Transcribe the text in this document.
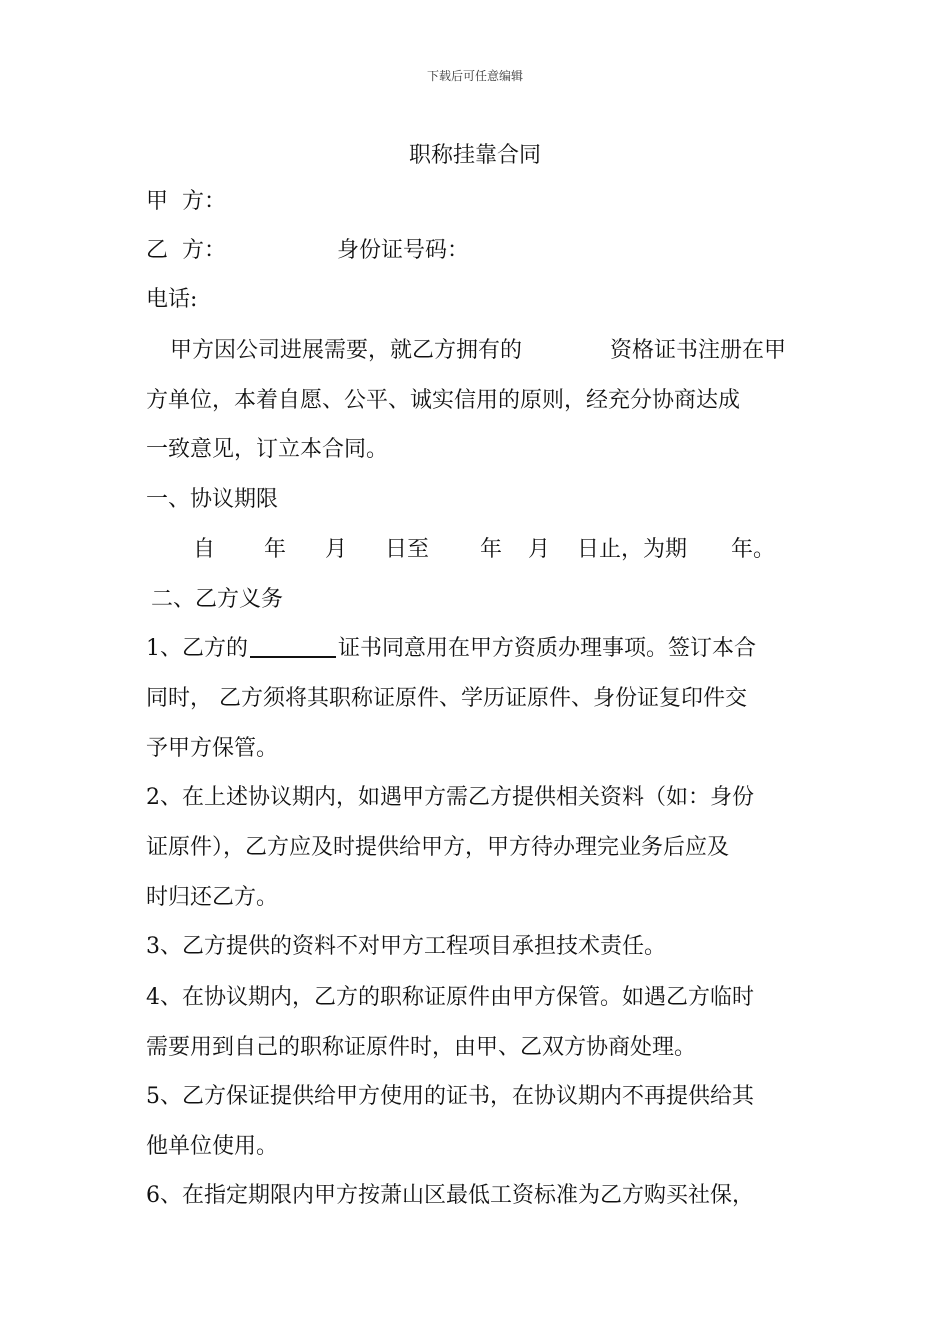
下载后可任意编辑
职称挂靠合同
甲  方：
乙  方：	身份证号码：
电话:
甲方因公司进展需要，就乙方拥有的	资格证书注册在甲
方单位，本着自愿、公平、诚实信用的原则，经充分协商达成
一致意见，订立本合同。
一、协议期限
自 年 月 日至 年 月 日止，为期 年。
二、乙方义务
1、乙方的	证书同意用在甲方资质办理事项。签订本合
同时， 乙方须将其职称证原件、学历证原件、身份证复印件交
予甲方保管。
2、在上述协议期内，如遇甲方需乙方提供相关资料（如：身份
证原件），乙方应及时提供给甲方，甲方待办理完业务后应及
时归还乙方。
3、乙方提供的资料不对甲方工程项目承担技术责任。
4、在协议期内，乙方的职称证原件由甲方保管。如遇乙方临时
需要用到自己的职称证原件时，由甲、乙双方协商处理。
5、乙方保证提供给甲方使用的证书，在协议期内不再提供给其
他单位使用。
6、在指定期限内甲方按萧山区最低工资标准为乙方购买社保，
